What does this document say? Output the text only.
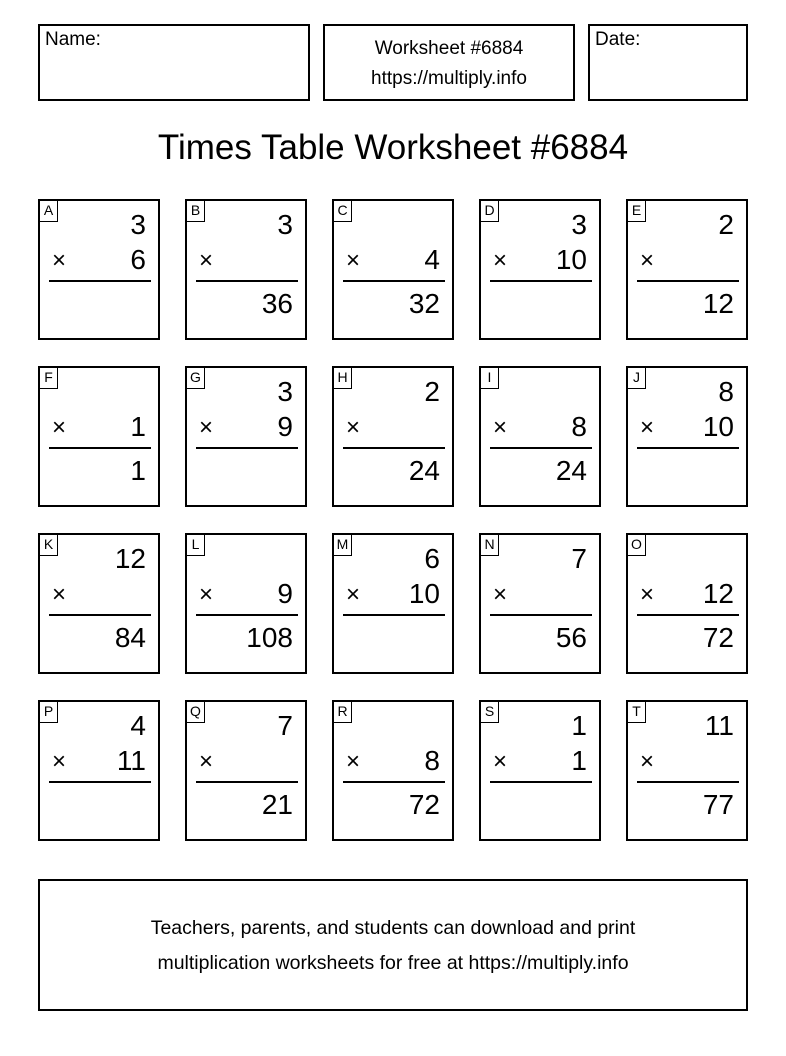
Name:	Worksheet #6884
https://multiply.info
Date:
Times Table Worksheet #6884
A	3
× 6
B	3
×
36
C
× 4
32
D	3
× 10
E	2
×
12
F
× 1
1
G	3
× 9
H	2
×
24
I
× 8
24
J	8
× 10
K 12
×
84
L
× 9
108
M	6
× 10
N	7
×
56
O
× 12
72
P	4
× 11
Q	7
×
21
R
× 8
72
S	1
× 1
T 11
×
77
Teachers, parents, and students can download and print
multiplication worksheets for free at https://multiply.info
